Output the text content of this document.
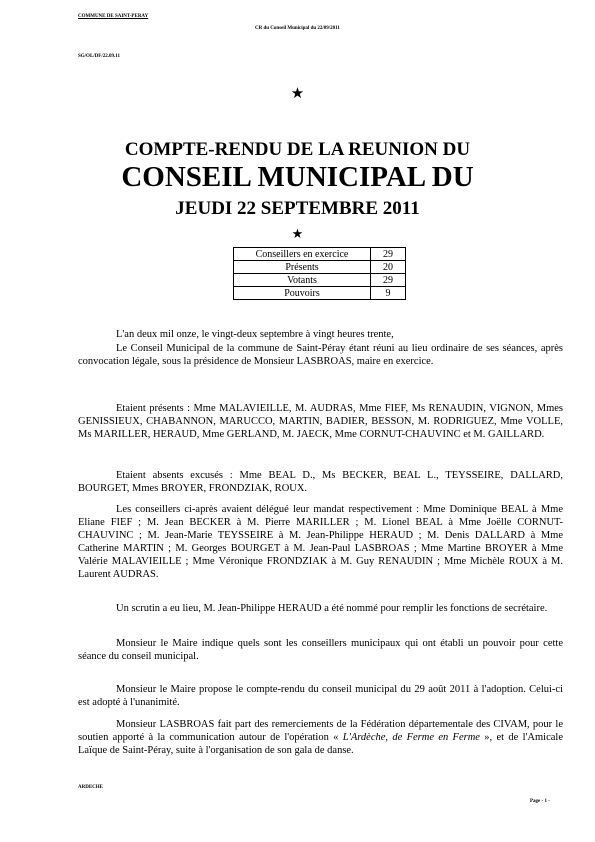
COMMUNE DE SAINT-PERAY
CR du Conseil Municipal du 22/09/2011
SG/OL/DF/22.09.11
★
COMPTE-RENDU DE LA REUNION DU
CONSEIL MUNICIPAL DU
JEUDI 22 SEPTEMBRE 2011
★
Conseillers en exercice	29
Présents	20
Votants	29
Pouvoirs	9

L'an deux mil onze, le vingt-deux septembre à vingt heures trente,

Le Conseil Municipal de la commune de Saint-Péray étant réuni au lieu ordinaire de ses séances, après convocation légale, sous la présidence de Monsieur LASBROAS, maire en exercice.

Etaient présents : Mme MALAVIEILLE, M. AUDRAS, Mme FIEF, Ms RENAUDIN, VIGNON, Mmes GENISSIEUX, CHABANNON, MARUCCO, MARTIN, BADIER, BESSON, M. RODRIGUEZ, Mme VOLLE, Ms MARILLER, HERAUD, Mme GERLAND, M. JAECK, Mme CORNUT-CHAUVINC et M. GAILLARD.

Etaient absents excusés : Mme BEAL D., Ms BECKER, BEAL L., TEYSSEIRE, DALLARD, BOURGET, Mmes BROYER, FRONDZIAK, ROUX.

Les conseillers ci-après avaient délégué leur mandat respectivement : Mme Dominique BEAL à Mme Eliane FIEF ; M. Jean BECKER à M. Pierre MARILLER ; M. Lionel BEAL à Mme Joëlle CORNUT-CHAUVINC ; M. Jean-Marie TEYSSEIRE à M. Jean-Philippe HERAUD ; M. Denis DALLARD à Mme Catherine MARTIN ; M. Georges BOURGET à M. Jean-Paul LASBROAS ; Mme Martine BROYER à Mme Valérie MALAVIEILLE ; Mme Véronique FRONDZIAK à M. Guy RENAUDIN ; Mme Michèle ROUX à M. Laurent AUDRAS.

Un scrutin a eu lieu, M. Jean-Philippe HERAUD a été nommé pour remplir les fonctions de secrétaire.

Monsieur le Maire indique quels sont les conseillers municipaux qui ont établi un pouvoir pour cette séance du conseil municipal.

Monsieur le Maire propose le compte-rendu du conseil municipal du 29 août 2011 à l'adoption. Celui-ci est adopté à l'unanimité.

Monsieur LASBROAS fait part des remerciements de la Fédération départementale des CIVAM, pour le soutien apporté à la communication autour de l'opération « L'Ardèche, de Ferme en Ferme », et de l'Amicale Laïque de Saint-Péray, suite à l'organisation de son gala de danse.

ARDECHE
Page - 1 -
